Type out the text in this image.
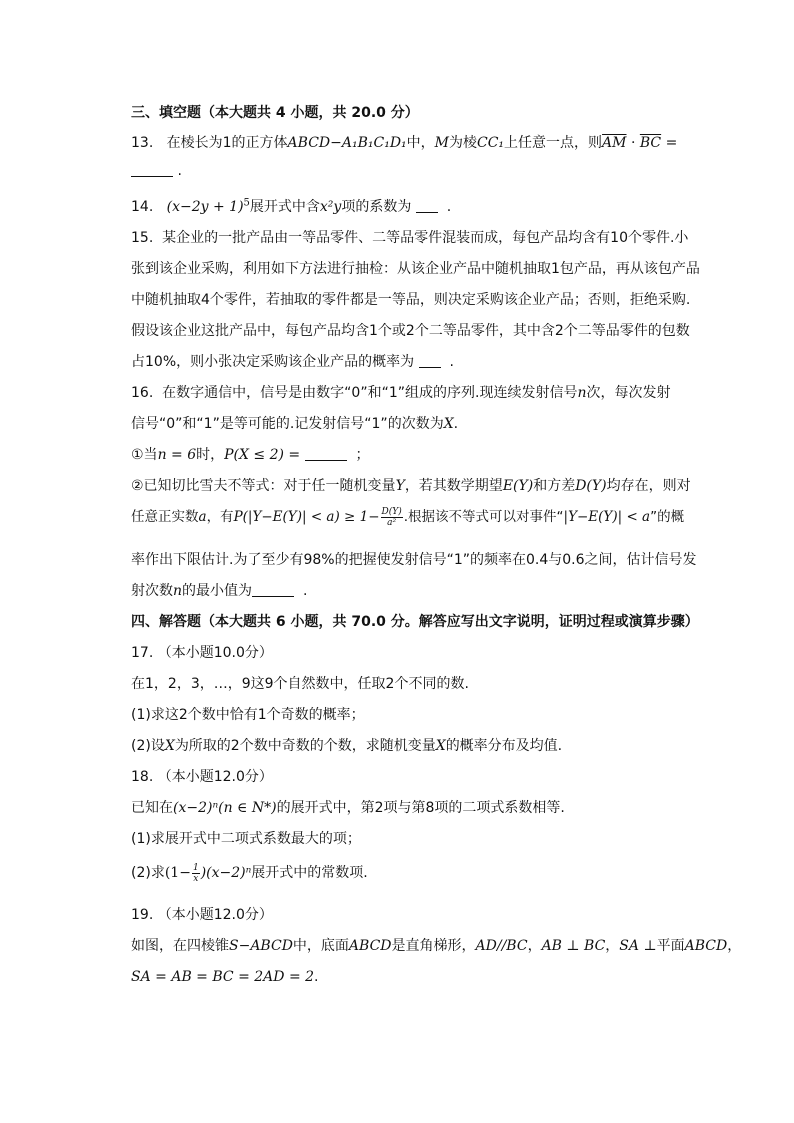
三、填空题（本大题共 4 小题，共 20.0 分）
13. 在棱长为1的正方体ABCD−A₁B₁C₁D₁中，M为棱CC₁上任意一点，则$\overline{AM} \cdot \overline{BC}$ =
.
14. $(x-2y + 1)^5$展开式中含x²y项的系数为	.
15. 某企业的一批产品由一等品零件、二等品零件混装而成，每包产品均含有10个零件.小
张到该企业采购，利用如下方法进行抽检：从该企业产品中随机抽取1包产品，再从该包产品
中随机抽取4个零件，若抽取的零件都是一等品，则决定采购该企业产品；否则，拒绝采购.
假设该企业这批产品中，每包产品均含1个或2个二等品零件，其中含2个二等品零件的包数
占10%，则小张决定采购该企业产品的概率为	.
16. 在数字通信中，信号是由数字“0”和“1”组成的序列.现连续发射信号n次，每次发射
信号“0”和“1”是等可能的.记发射信号“1”的次数为X.
①当n = 6时，P(X ≤ 2) =	；
②已知切比雪夫不等式：对于任一随机变量Y，若其数学期望E(Y)和方差D(Y)均存在，则对
任意正实数a，有$P(|Y-E(Y)| < a) \ge 1- \frac{D(Y)}{\text{a²}}$ .根据该不等式可以对事件“|Y−E(Y)| < a”的概
率作出下限估计.为了至少有98%的把握使发射信号“1”的频率在0.4与0.6之间，估计信号发
射次数n的最小值为	.
四、解答题（本大题共 6 小题，共 70.0 分。解答应写出文字说明，证明过程或演算步骤）
17. （本小题10.0分）
在1，2，3，…，9这9个自然数中，任取2个不同的数.
(1)求这2个数中恰有1个奇数的概率；
(2)设X为所取的2个数中奇数的个数，求随机变量X的概率分布及均值.
18. （本小题12.0分）
已知在(x−2)ⁿ(n ∈ N*)的展开式中，第2项与第8项的二项式系数相等.
(1)求展开式中二项式系数最大的项；
(2)求$(1- \frac{1}{x} )(x-2)^n$展开式中的常数项.
19. （本小题12.0分）
如图，在四棱锥S−ABCD中，底面ABCD是直角梯形，AD//BC，AB ⊥ BC，SA ⊥平面ABCD，
SA = AB = BC = 2AD = 2.
